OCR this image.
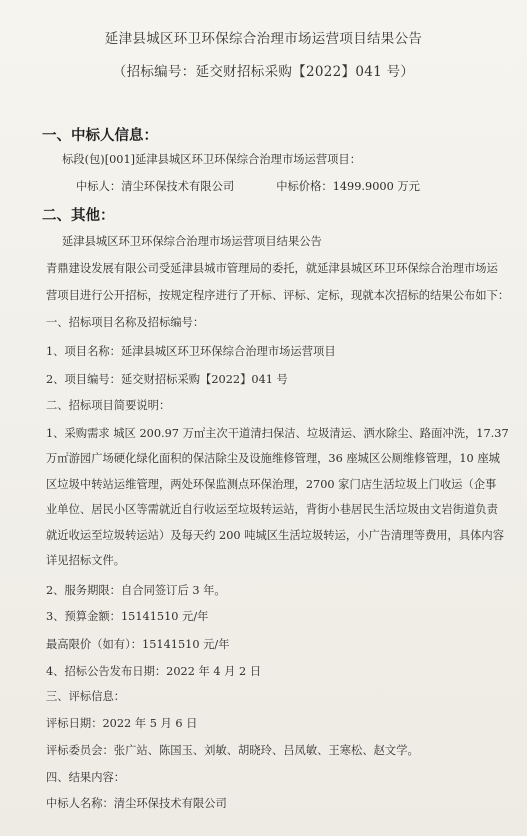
延津县城区环卫环保综合治理市场运营项目结果公告
（招标编号：延交财招标采购【2022】041 号）
一、中标人信息：
标段(包)[001]延津县城区环卫环保综合治理市场运营项目：
中标人：清尘环保技术有限公司	中标价格：1499.9000 万元
二、其他：
延津县城区环卫环保综合治理市场运营项目结果公告
青鼎建设发展有限公司受延津县城市管理局的委托，就延津县城区环卫环保综合治理市场运
营项目进行公开招标，按规定程序进行了开标、评标、定标，现就本次招标的结果公布如下：
一、招标项目名称及招标编号：
1、项目名称：延津县城区环卫环保综合治理市场运营项目
2、项目编号：延交财招标采购【2022】041 号
二、招标项目简要说明：
1、采购需求 城区 200.97 万㎡主次干道清扫保洁、垃圾清运、洒水除尘、路面冲洗，17.37
万㎡游园广场硬化绿化面积的保洁除尘及设施维修管理，36 座城区公厕维修管理，10 座城
区垃圾中转站运维管理，两处环保监测点环保治理，2700 家门店生活垃圾上门收运（企事
业单位、居民小区等需就近自行收运至垃圾转运站，背街小巷居民生活垃圾由文岩街道负责
就近收运至垃圾转运站）及每天约 200 吨城区生活垃圾转运，小广告清理等费用，具体内容
详见招标文件。
2、服务期限：自合同签订后 3 年。
3、预算金额：15141510 元/年
最高限价（如有）：15141510 元/年
4、招标公告发布日期：2022 年 4 月 2 日
三、评标信息：
评标日期：2022 年 5 月 6 日
评标委员会：张广站、陈国玉、刘敏、胡晓玲、吕凤敏、王寒松、赵文学。
四、结果内容：
中标人名称：清尘环保技术有限公司
